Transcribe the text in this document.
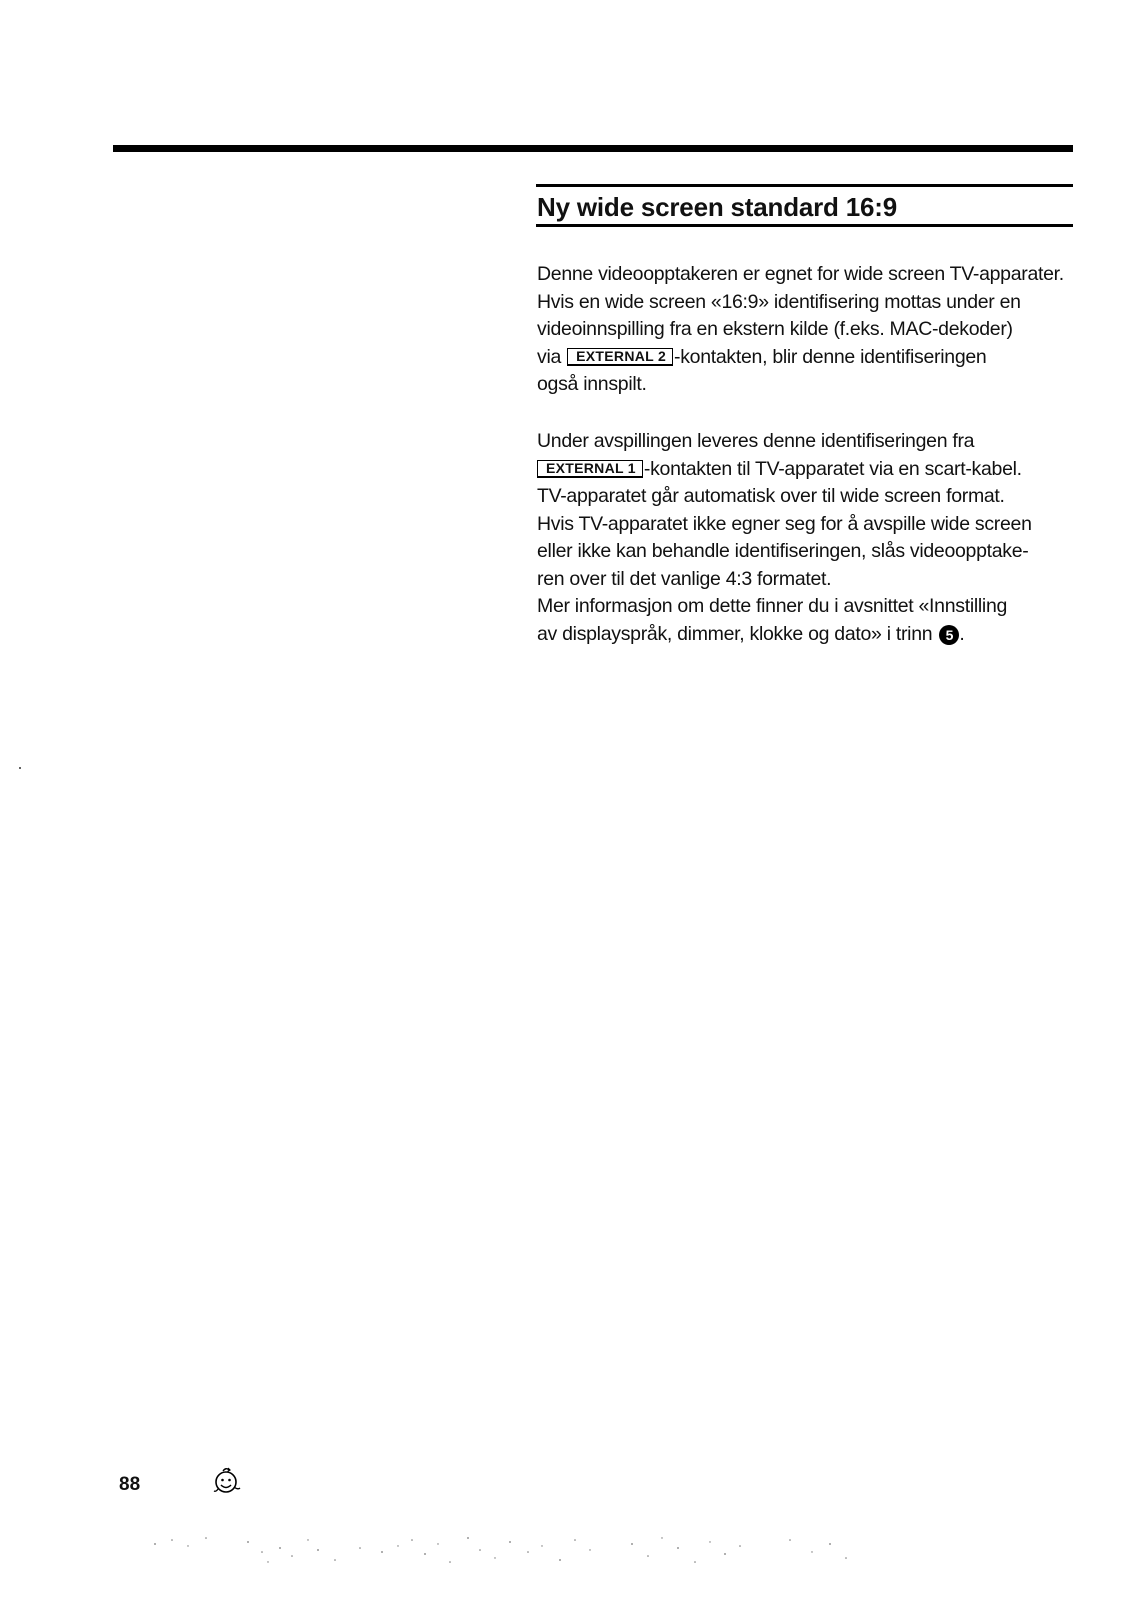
Ny wide screen standard 16:9
Denne videoopptakeren er egnet for wide screen TV-apparater.
Hvis en wide screen «16:9» identifisering mottas under en
videoinnspilling fra en ekstern kilde (f.eks. MAC-dekoder)
via EXTERNAL 2 -kontakten, blir denne identifiseringen
også innspilt.
Under avspillingen leveres denne identifiseringen fra
EXTERNAL 1 -kontakten til TV-apparatet via en scart-kabel.
TV-apparatet går automatisk over til wide screen format.
Hvis TV-apparatet ikke egner seg for å avspille wide screen
eller ikke kan behandle identifiseringen, slås videoopptake-
ren over til det vanlige 4:3 formatet.
Mer informasjon om dette finner du i avsnittet «Innstilling
av displayspråk, dimmer, klokke og dato» i trinn 5 .

88
